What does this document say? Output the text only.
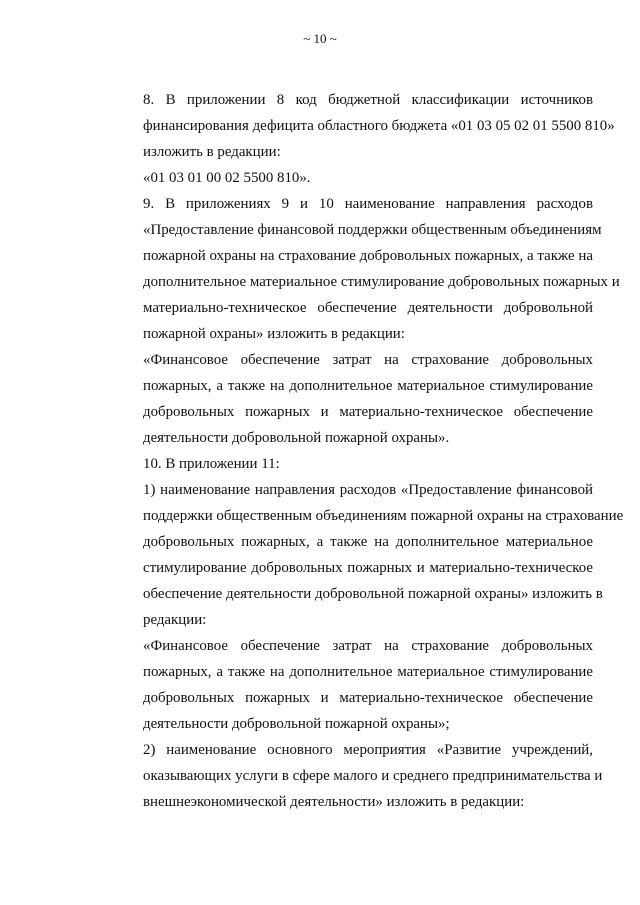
~ 10 ~

8. В приложении 8 код бюджетной классификации источников
финансирования дефицита областного бюджета «01 03 05 02 01 5500 810»
изложить в редакции:

«01 03 01 00 02 5500 810».

9. В приложениях 9 и 10 наименование направления расходов
«Предоставление финансовой поддержки общественным объединениям
пожарной охраны на страхование добровольных пожарных, а также на
дополнительное материальное стимулирование добровольных пожарных и
материально-техническое обеспечение деятельности добровольной
пожарной охраны» изложить в редакции:

«Финансовое обеспечение затрат на страхование добровольных
пожарных, а также на дополнительное материальное стимулирование
добровольных пожарных и материально-техническое обеспечение
деятельности добровольной пожарной охраны».

10. В приложении 11:

1) наименование направления расходов «Предоставление финансовой
поддержки общественным объединениям пожарной охраны на страхование
добровольных пожарных, а также на дополнительное материальное
стимулирование добровольных пожарных и материально-техническое
обеспечение деятельности добровольной пожарной охраны» изложить в
редакции:

«Финансовое обеспечение затрат на страхование добровольных
пожарных, а также на дополнительное материальное стимулирование
добровольных пожарных и материально-техническое обеспечение
деятельности добровольной пожарной охраны»;

2) наименование основного мероприятия «Развитие учреждений,
оказывающих услуги в сфере малого и среднего предпринимательства и
внешнеэкономической деятельности» изложить в редакции:
